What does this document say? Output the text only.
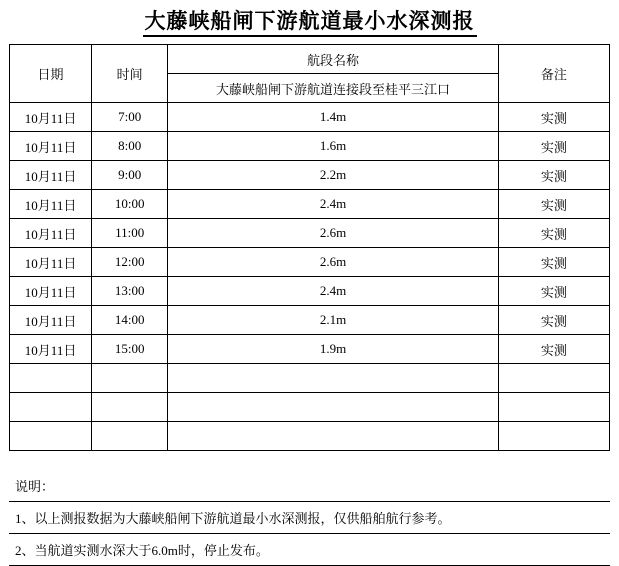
大藤峡船闸下游航道最小水深测报
日期	时间	航段名称	备注
		大藤峡船闸下游航道连接段至桂平三江口	
10月11日	7:00	1.4m	实测
10月11日	8:00	1.6m	实测
10月11日	9:00	2.2m	实测
10月11日	10:00	2.4m	实测
10月11日	11:00	2.6m	实测
10月11日	12:00	2.6m	实测
10月11日	13:00	2.4m	实测
10月11日	14:00	2.1m	实测
10月11日	15:00	1.9m	实测

说明：
1、以上测报数据为大藤峡船闸下游航道最小水深测报，仅供船舶航行参考。
2、当航道实测水深大于6.0m时，停止发布。
